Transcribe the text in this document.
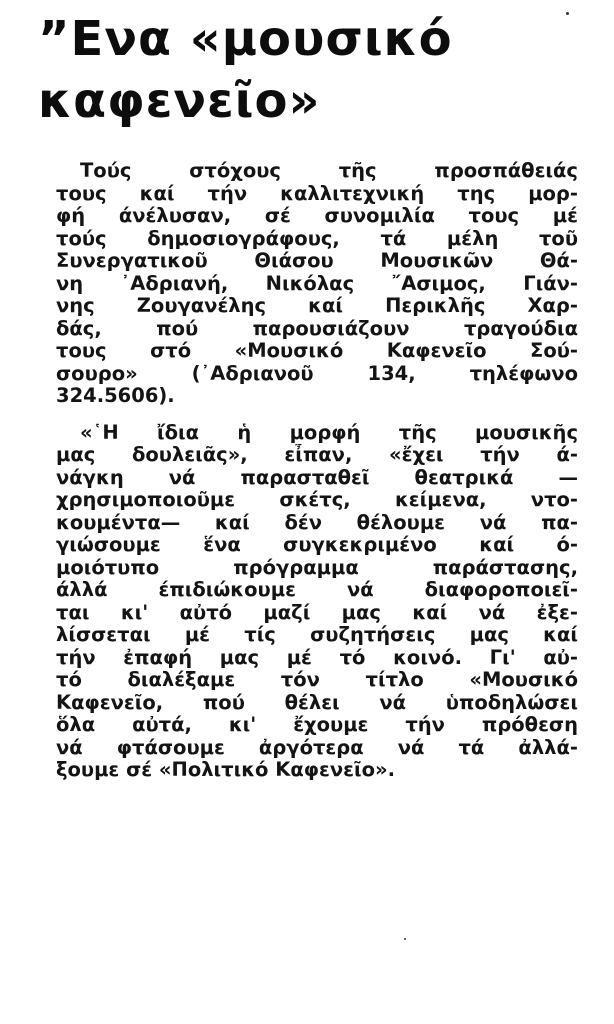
”Ενα «μουσικό
καφενεῖο»
Τούς στόχους τῆς προσπάθειάς
τους καί τήν καλλιτεχνική της μορ-
φή άνέλυσαν, σέ συνομιλία τους μέ
τούς δημοσιογράφους, τά μέλη τοῦ
Συνεργατικοῦ Θιάσου Μουσικῶν Θά-
νη ᾽Αδριανή, Νικόλας ῎Ασιμος, Γιάν-
νης Ζουγανέλης καί Περικλῆς Χαρ-
δάς, πού παρουσιάζουν τραγούδια
τους στό «Μουσικό Καφενεῖο Σού-
σουρο» (᾽Αδριανοῦ 134, τηλέφωνο
324.5606).
«῾Η ἴδια ἡ μορφή τῆς μουσικῆς
μας δουλειᾶς», εἶπαν, «ἔχει τήν ά-
νάγκη νά παρασταθεῖ θεατρικά —
χρησιμοποιοῦμε σκέτς, κείμενα, ντο-
κουμέντα— καί δέν θέλουμε νά πα-
γιώσουμε ἕνα συγκεκριμένο καί ό-
μοιότυπο πρόγραμμα παράστασης,
άλλά έπιδιώκουμε νά διαφοροποιεῖ-
ται κι' αὐτό μαζί μας καί νά ἐξε-
λίσσεται μέ τίς συζητήσεις μας καί
τήν ἐπαφή μας μέ τό κοινό. Γι' αὐ-
τό διαλέξαμε τόν τίτλο «Μουσικό
Καφενεῖο, πού θέλει νά ὑποδηλώσει
ὅλα αὐτά, κι' ἔχουμε τήν πρόθεση
νά φτάσουμε ἀργότερα νά τά ἀλλά-
ξουμε σέ «Πολιτικό Καφενεῖο».
